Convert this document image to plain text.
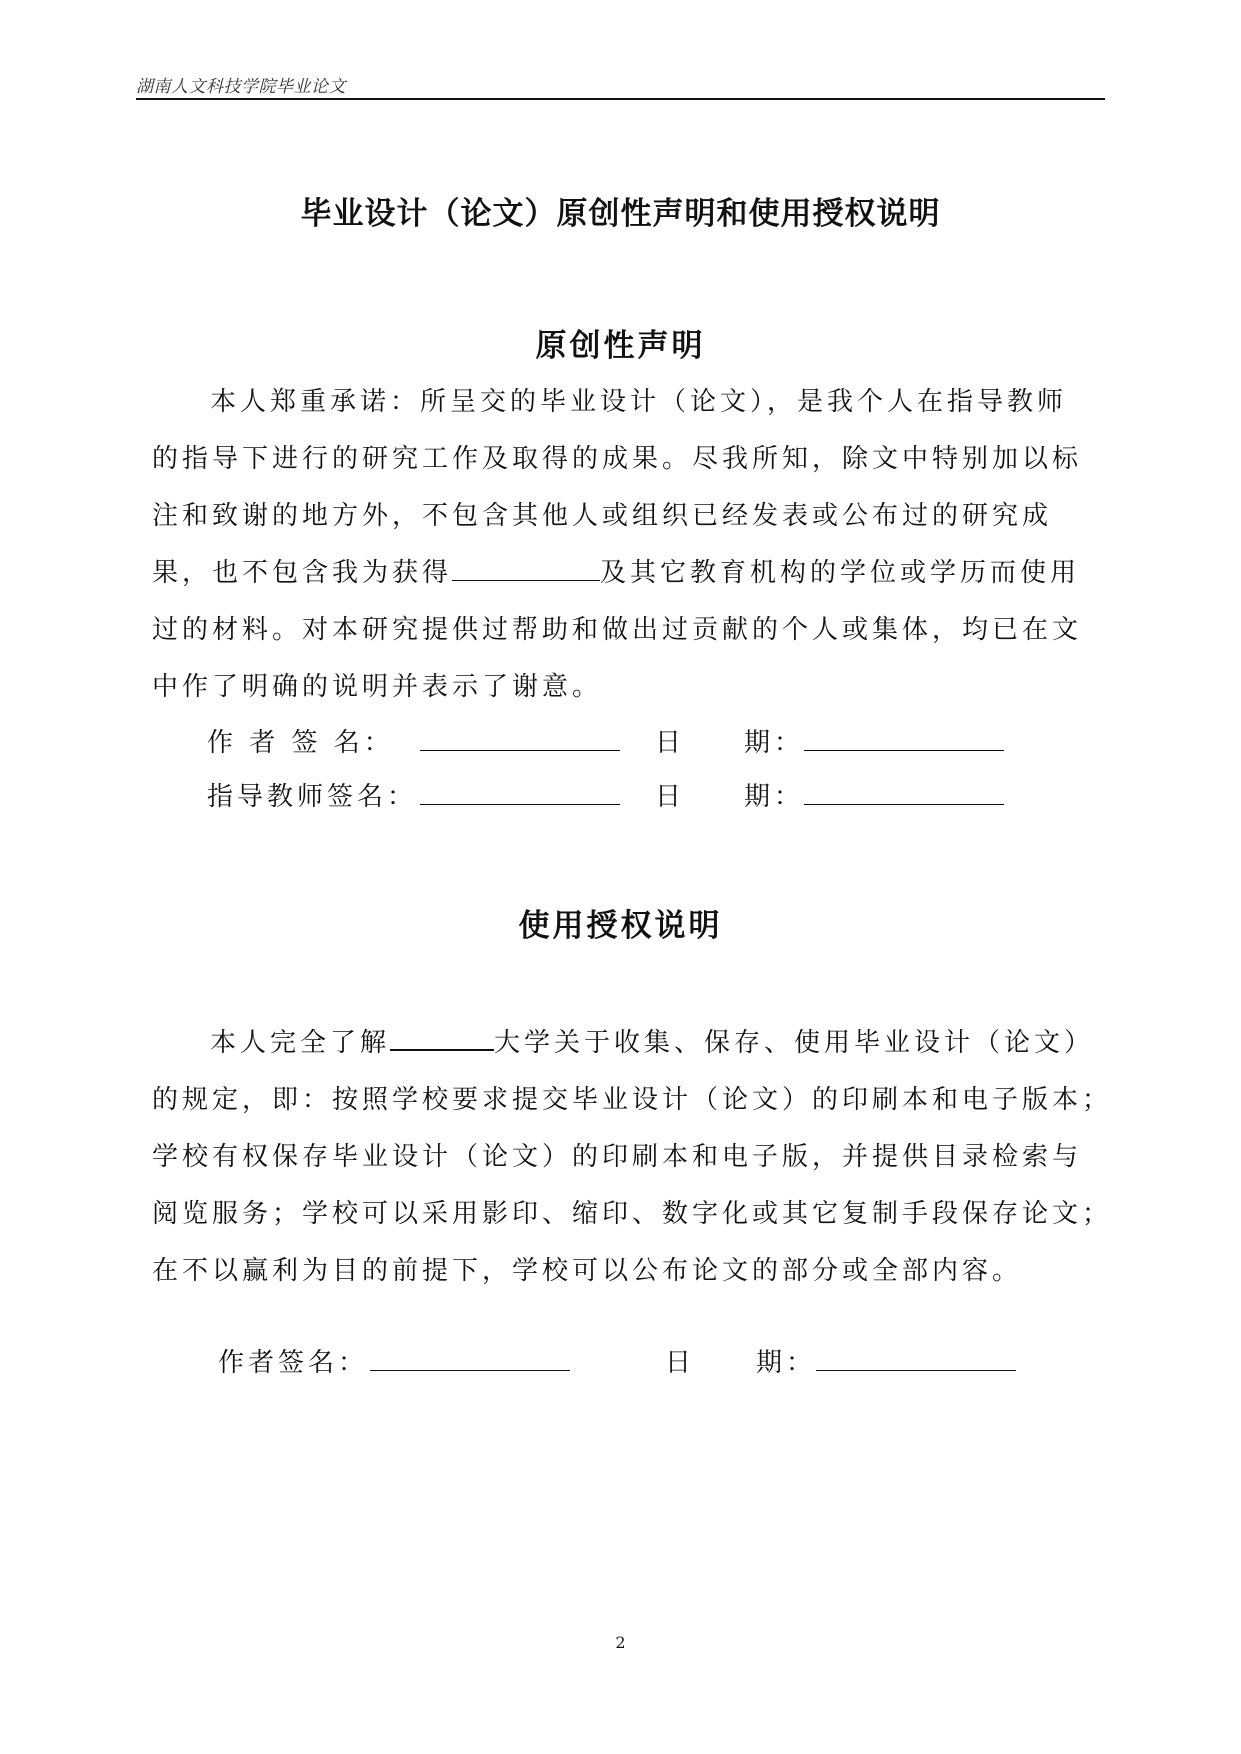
湖南人文科技学院毕业论文
毕业设计（论文）原创性声明和使用授权说明
原创性声明
本人郑重承诺：所呈交的毕业设计（论文），是我个人在指导教师
的指导下进行的研究工作及取得的成果。尽我所知，除文中特别加以标
注和致谢的地方外，不包含其他人或组织已经发表或公布过的研究成
果，也不包含我为获得	及其它教育机构的学位或学历而使用
过的材料。对本研究提供过帮助和做出过贡献的个人或集体，均已在文
中作了明确的说明并表示了谢意。
作 者 签 名：	日 期：
指导教师签名：	日 期：
使用授权说明
本人完全了解	大学关于收集、保存、使用毕业设计（论文）
的规定，即：按照学校要求提交毕业设计（论文）的印刷本和电子版本；
学校有权保存毕业设计（论文）的印刷本和电子版，并提供目录检索与
阅览服务；学校可以采用影印、缩印、数字化或其它复制手段保存论文；
在不以赢利为目的前提下，学校可以公布论文的部分或全部内容。
作者签名：	日 期：
2
